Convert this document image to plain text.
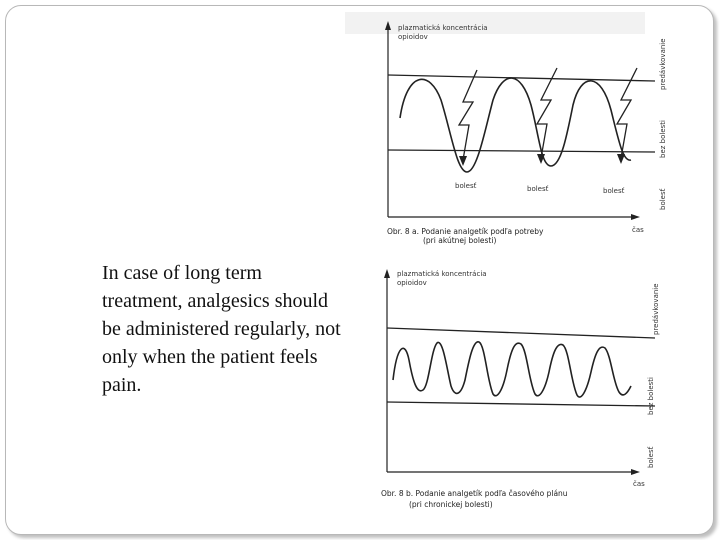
In case of long term treatment, analgesics should be administered regularly, not only when the patient feels pain.

plazmatická koncentrácia
opioidov
predávkovanie
bez bolesti
bolesť
bolesť	bolesť	bolesť
čas
Obr. 8 a. Podanie analgetík podľa potreby
(pri akútnej bolesti)
plazmatická koncentrácia
opioidov
predávkovanie
bez bolesti
bolesť
čas
Obr. 8 b. Podanie analgetík podľa časového plánu
(pri chronickej bolesti)
